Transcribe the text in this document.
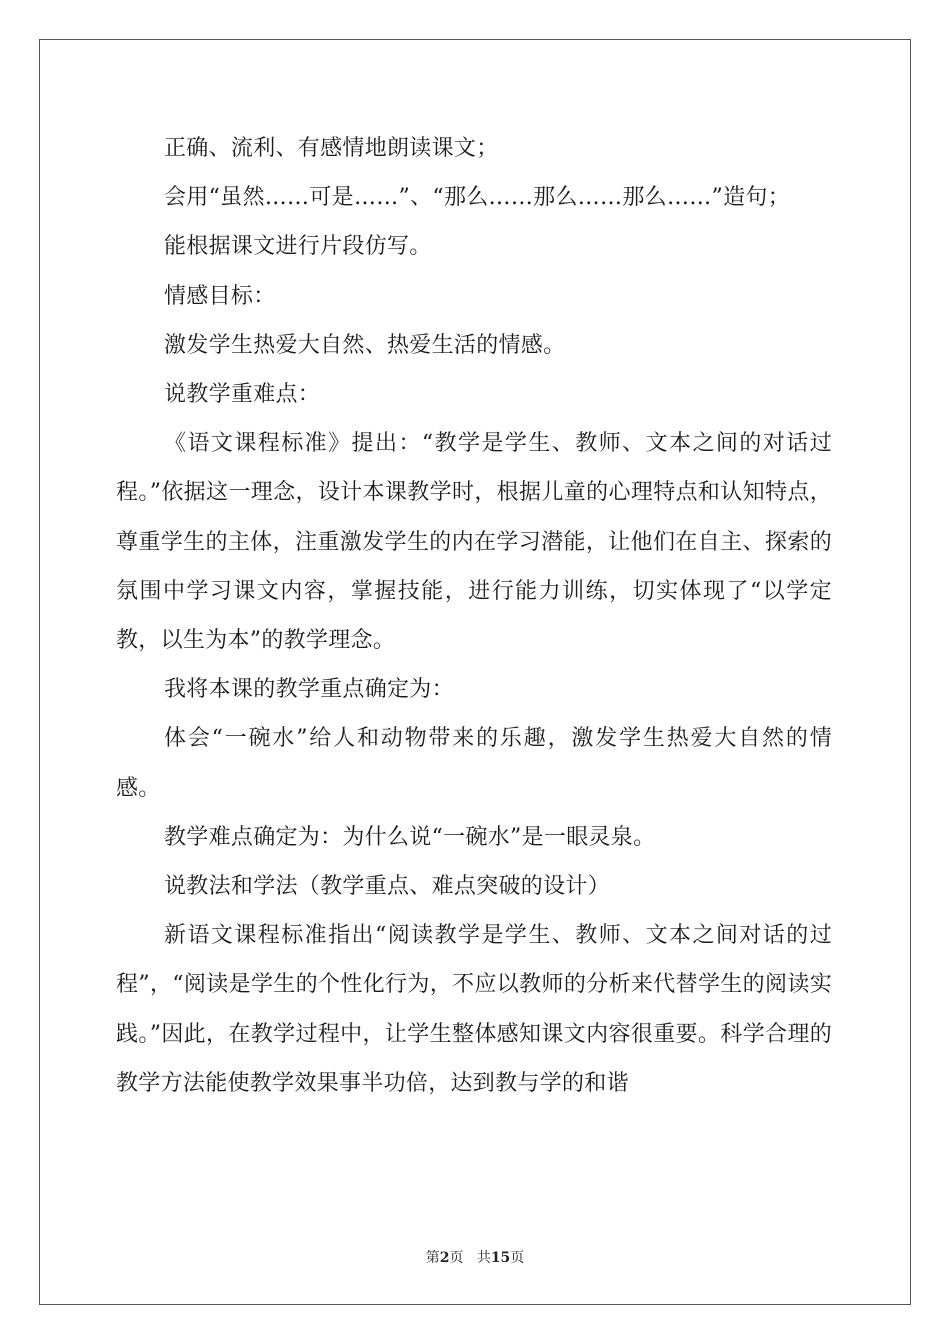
正确、流利、有感情地朗读课文；

会用“虽然……可是……”、“那么……那么……那么……”造句；

能根据课文进行片段仿写。

情感目标：

激发学生热爱大自然、热爱生活的情感。

说教学重难点：

《语文课程标准》提出：“教学是学生、教师、文本之间的对话过程。”依据这一理念，设计本课教学时，根据儿童的心理特点和认知特点，尊重学生的主体，注重激发学生的内在学习潜能，让他们在自主、探索的氛围中学习课文内容，掌握技能，进行能力训练，切实体现了“以学定教，以生为本”的教学理念。

我将本课的教学重点确定为：

体会“一碗水”给人和动物带来的乐趣，激发学生热爱大自然的情感。

教学难点确定为：为什么说“一碗水”是一眼灵泉。

说教法和学法（教学重点、难点突破的设计）

新语文课程标准指出“阅读教学是学生、教师、文本之间对话的过程”，“阅读是学生的个性化行为，不应以教师的分析来代替学生的阅读实践。”因此，在教学过程中，让学生整体感知课文内容很重要。科学合理的教学方法能使教学效果事半功倍，达到教与学的和谐

第2页 共15页
